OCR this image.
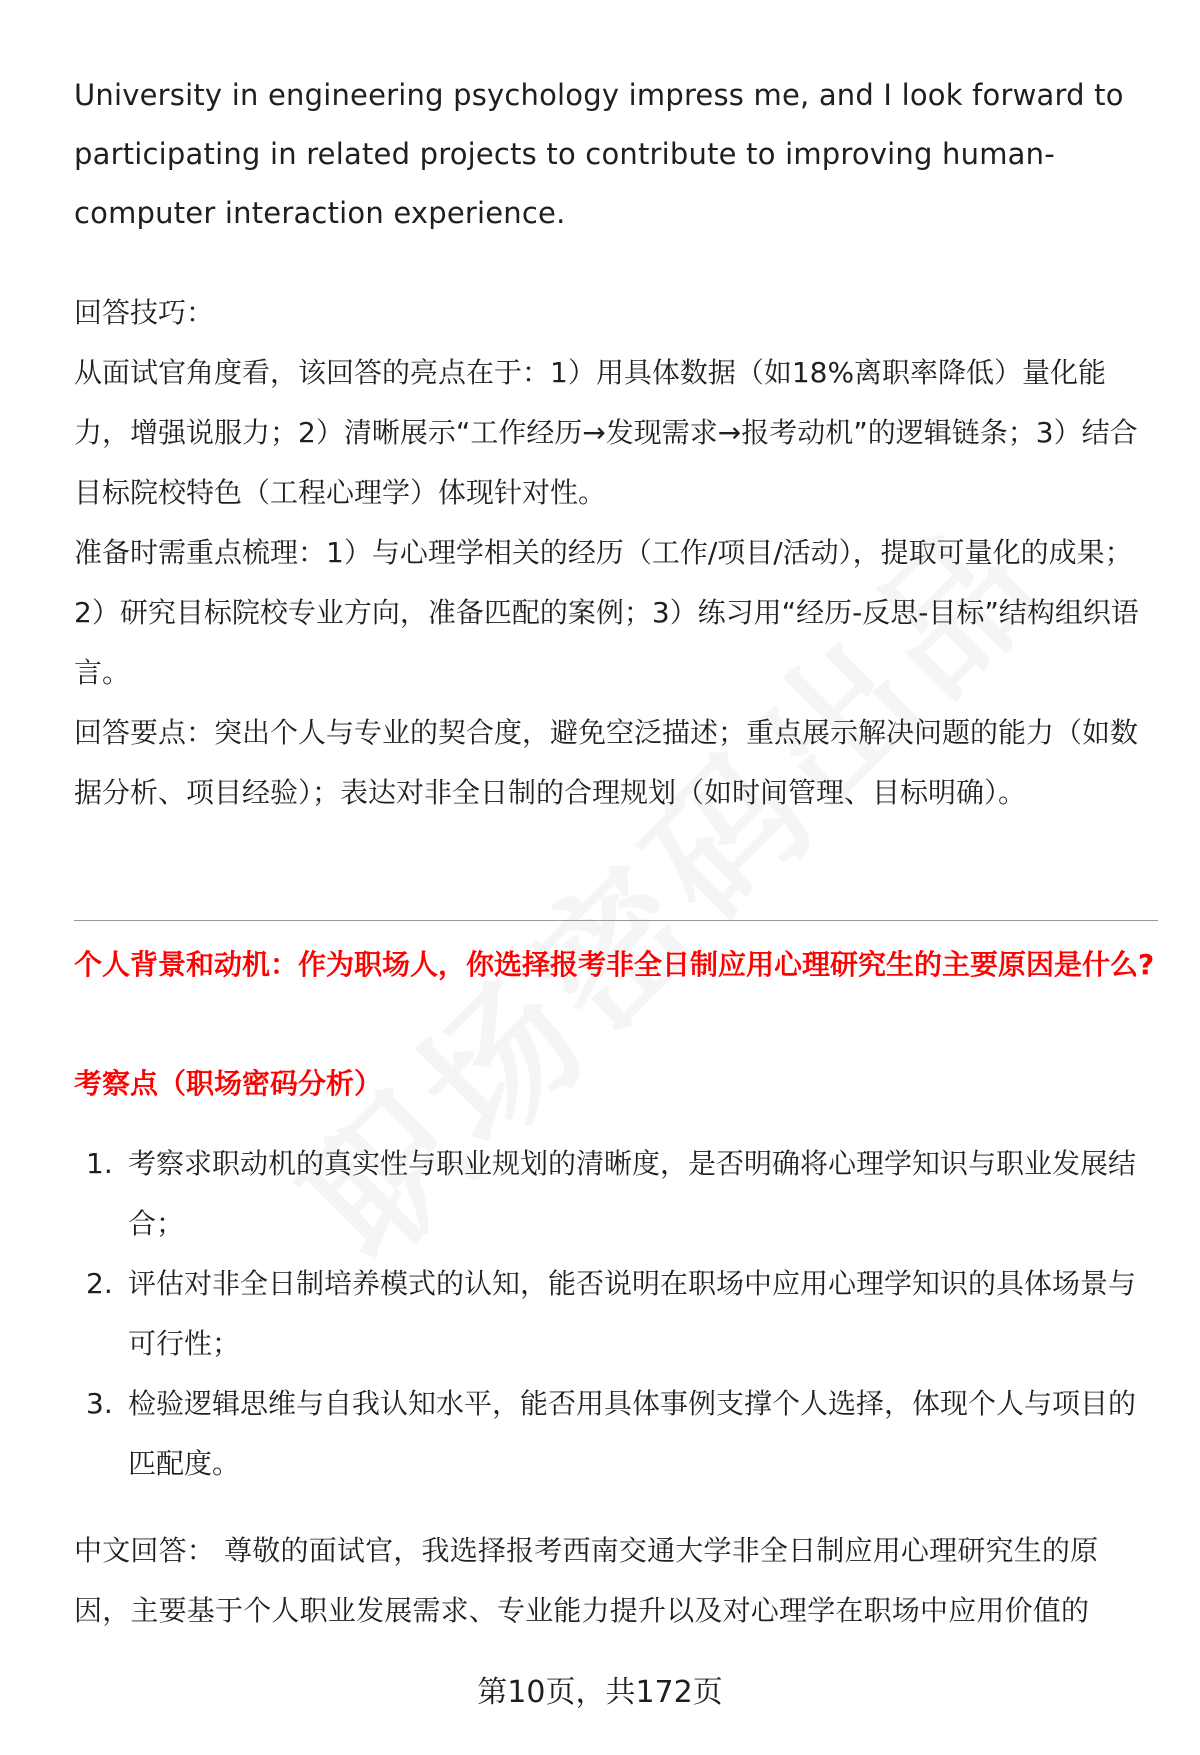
University in engineering psychology impress me, and I look forward to participating in related projects to contribute to improving human-computer interaction experience.

回答技巧：

从面试官角度看，该回答的亮点在于：1）用具体数据（如18%离职率降低）量化能力，增强说服力；2）清晰展示“工作经历→发现需求→报考动机”的逻辑链条；3）结合目标院校特色（工程心理学）体现针对性。

准备时需重点梳理：1）与心理学相关的经历（工作/项目/活动），提取可量化的成果；2）研究目标院校专业方向，准备匹配的案例；3）练习用“经历-反思-目标”结构组织语言。

回答要点：突出个人与专业的契合度，避免空泛描述；重点展示解决问题的能力（如数据分析、项目经验）；表达对非全日制的合理规划（如时间管理、目标明确）。

个人背景和动机：作为职场人，你选择报考非全日制应用心理研究生的主要原因是什么?

考察点（职场密码分析）

1. 考察求职动机的真实性与职业规划的清晰度，是否明确将心理学知识与职业发展结合；
2. 评估对非全日制培养模式的认知，能否说明在职场中应用心理学知识的具体场景与可行性；
3. 检验逻辑思维与自我认知水平，能否用具体事例支撑个人选择，体现个人与项目的匹配度。

中文回答： 尊敬的面试官，我选择报考西南交通大学非全日制应用心理研究生的原因，主要基于个人职业发展需求、专业能力提升以及对心理学在职场中应用价值的

第10页，共172页
